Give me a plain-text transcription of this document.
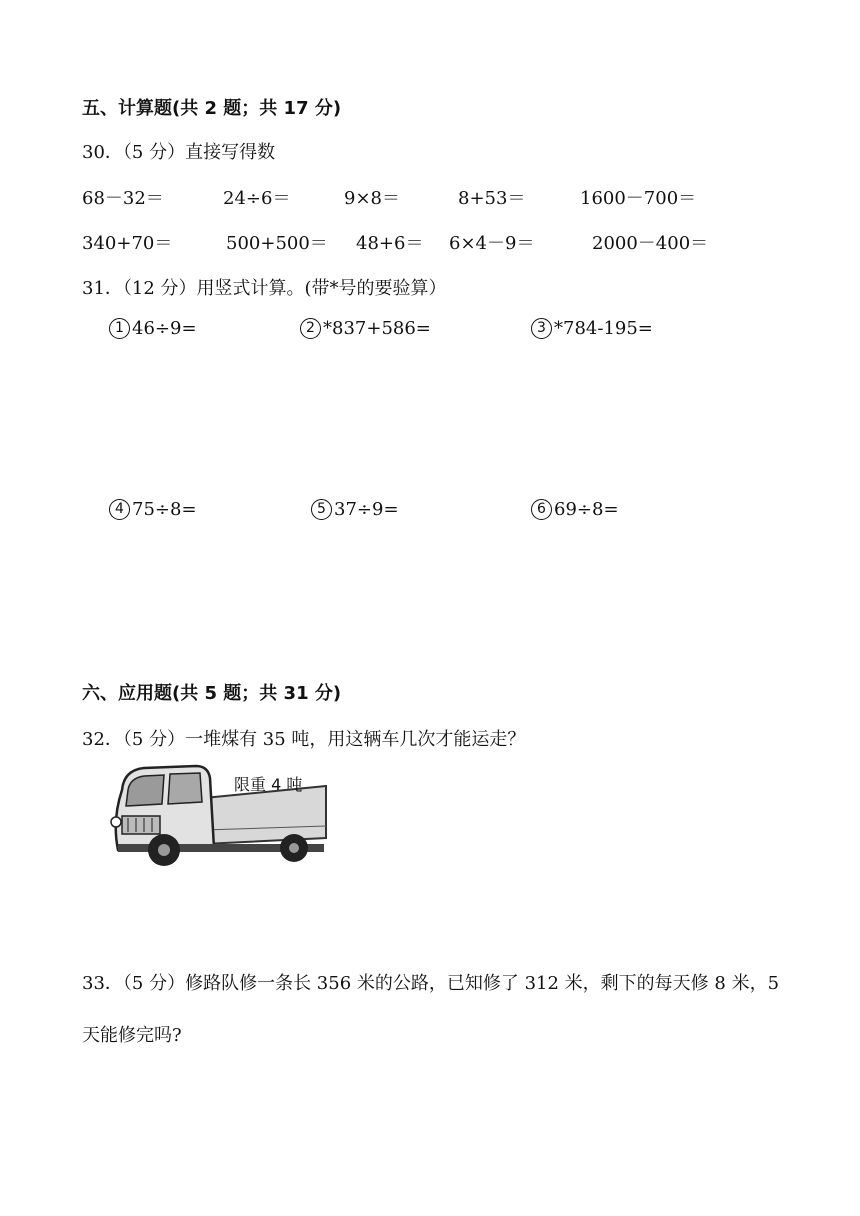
五、计算题(共 2 题；共 17 分)
30．（5 分）直接写得数
68－32＝	24÷6＝	9×8＝	8+53＝	1600－700＝
340+70＝	500+500＝ 48+6＝ 6×4－9＝	2000－400＝
31．（12 分）用竖式计算。(带*号的要验算）
1 46÷9=	2 *837+586=	3 *784-195=
4 75÷8=	5 37÷9=	6 69÷8=
六、应用题(共 5 题；共 31 分)
32．（5 分）一堆煤有 35 吨，用这辆车几次才能运走？
限重 4 吨
33．（5 分）修路队修一条长 356 米的公路，已知修了 312 米，剩下的每天修 8 米，5 天能修完吗?
